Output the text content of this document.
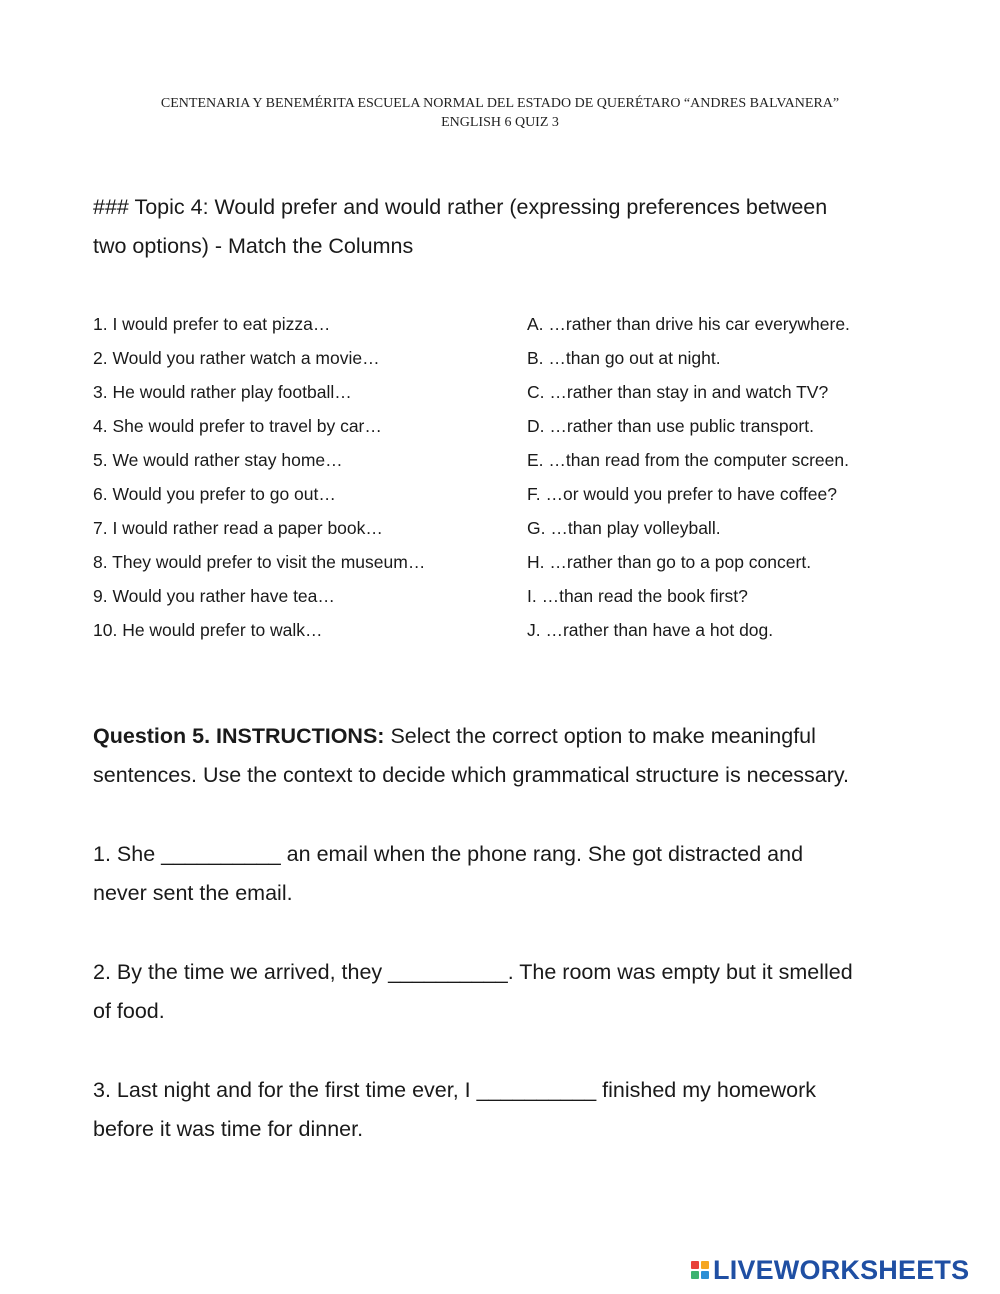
CENTENARIA Y BENEMÉRITA ESCUELA NORMAL DEL ESTADO DE QUERÉTARO “ANDRES BALVANERA”
ENGLISH 6 QUIZ 3
### Topic 4: Would prefer and would rather (expressing preferences between
two options) - Match the Columns
1. I would prefer to eat pizza…	A. …rather than drive his car everywhere.
2. Would you rather watch a movie…	B. …than go out at night.
3. He would rather play football…	C. …rather than stay in and watch TV?
4. She would prefer to travel by car…	D. …rather than use public transport.
5. We would rather stay home…	E. …than read from the computer screen.
6. Would you prefer to go out…	F. …or would you prefer to have coffee?
7. I would rather read a paper book…	G. …than play volleyball.
8. They would prefer to visit the museum…	H. …rather than go to a pop concert.
9. Would you rather have tea…	I. …than read the book first?
10. He would prefer to walk…	J. …rather than have a hot dog.
Question 5. INSTRUCTIONS: Select the correct option to make meaningful
sentences. Use the context to decide which grammatical structure is necessary.
1. She __________ an email when the phone rang. She got distracted and
never sent the email.
2. By the time we arrived, they __________. The room was empty but it smelled
of food.
3. Last night and for the first time ever, I __________ finished my homework
before it was time for dinner.
LIVEWORKSHEETS
